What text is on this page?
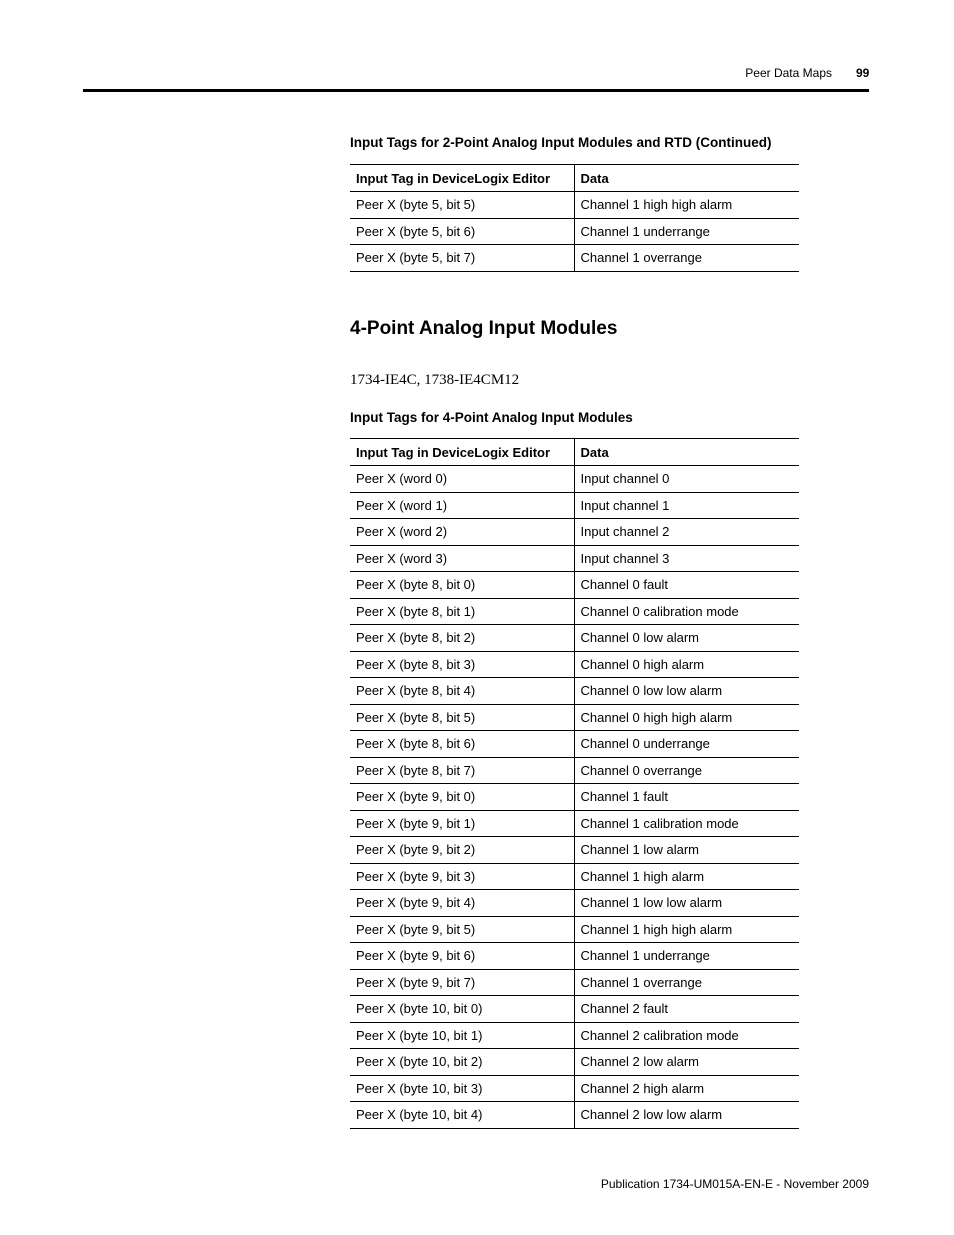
Peer Data Maps 99
Input Tags for 2-Point Analog Input Modules and RTD (Continued)
Input Tag in DeviceLogix Editor	Data
Peer X (byte 5, bit 5)	Channel 1 high high alarm
Peer X (byte 5, bit 6)	Channel 1 underrange
Peer X (byte 5, bit 7)	Channel 1 overrange
4-Point Analog Input Modules
1734-IE4C, 1738-IE4CM12
Input Tags for 4-Point Analog Input Modules
Input Tag in DeviceLogix Editor	Data
Peer X (word 0)	Input channel 0
Peer X (word 1)	Input channel 1
Peer X (word 2)	Input channel 2
Peer X (word 3)	Input channel 3
Peer X (byte 8, bit 0)	Channel 0 fault
Peer X (byte 8, bit 1)	Channel 0 calibration mode
Peer X (byte 8, bit 2)	Channel 0 low alarm
Peer X (byte 8, bit 3)	Channel 0 high alarm
Peer X (byte 8, bit 4)	Channel 0 low low alarm
Peer X (byte 8, bit 5)	Channel 0 high high alarm
Peer X (byte 8, bit 6)	Channel 0 underrange
Peer X (byte 8, bit 7)	Channel 0 overrange
Peer X (byte 9, bit 0)	Channel 1 fault
Peer X (byte 9, bit 1)	Channel 1 calibration mode
Peer X (byte 9, bit 2)	Channel 1 low alarm
Peer X (byte 9, bit 3)	Channel 1 high alarm
Peer X (byte 9, bit 4)	Channel 1 low low alarm
Peer X (byte 9, bit 5)	Channel 1 high high alarm
Peer X (byte 9, bit 6)	Channel 1 underrange
Peer X (byte 9, bit 7)	Channel 1 overrange
Peer X (byte 10, bit 0)	Channel 2 fault
Peer X (byte 10, bit 1)	Channel 2 calibration mode
Peer X (byte 10, bit 2)	Channel 2 low alarm
Peer X (byte 10, bit 3)	Channel 2 high alarm
Peer X (byte 10, bit 4)	Channel 2 low low alarm
Publication 1734-UM015A-EN-E - November 2009
